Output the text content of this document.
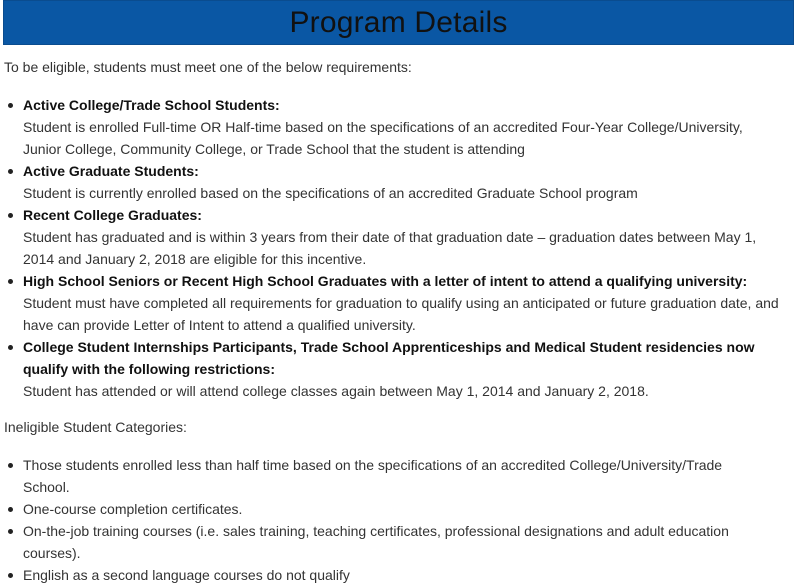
Program Details
To be eligible, students must meet one of the below requirements:
Active College/Trade School Students:
Student is enrolled Full-time OR Half-time based on the specifications of an accredited Four-Year College/University, Junior College, Community College, or Trade School that the student is attending
Active Graduate Students:
Student is currently enrolled based on the specifications of an accredited Graduate School program
Recent College Graduates:
Student has graduated and is within 3 years from their date of that graduation date – graduation dates between May 1, 2014 and January 2, 2018 are eligible for this incentive.
High School Seniors or Recent High School Graduates with a letter of intent to attend a qualifying university:
Student must have completed all requirements for graduation to qualify using an anticipated or future graduation date, and have can provide Letter of Intent to attend a qualified university.
College Student Internships Participants, Trade School Apprenticeships and Medical Student residencies now qualify with the following restrictions:
Student has attended or will attend college classes again between May 1, 2014 and January 2, 2018.
Ineligible Student Categories:
Those students enrolled less than half time based on the specifications of an accredited College/University/Trade School.
One-course completion certificates.
On-the-job training courses (i.e. sales training, teaching certificates, professional designations and adult education courses).
English as a second language courses do not qualify
